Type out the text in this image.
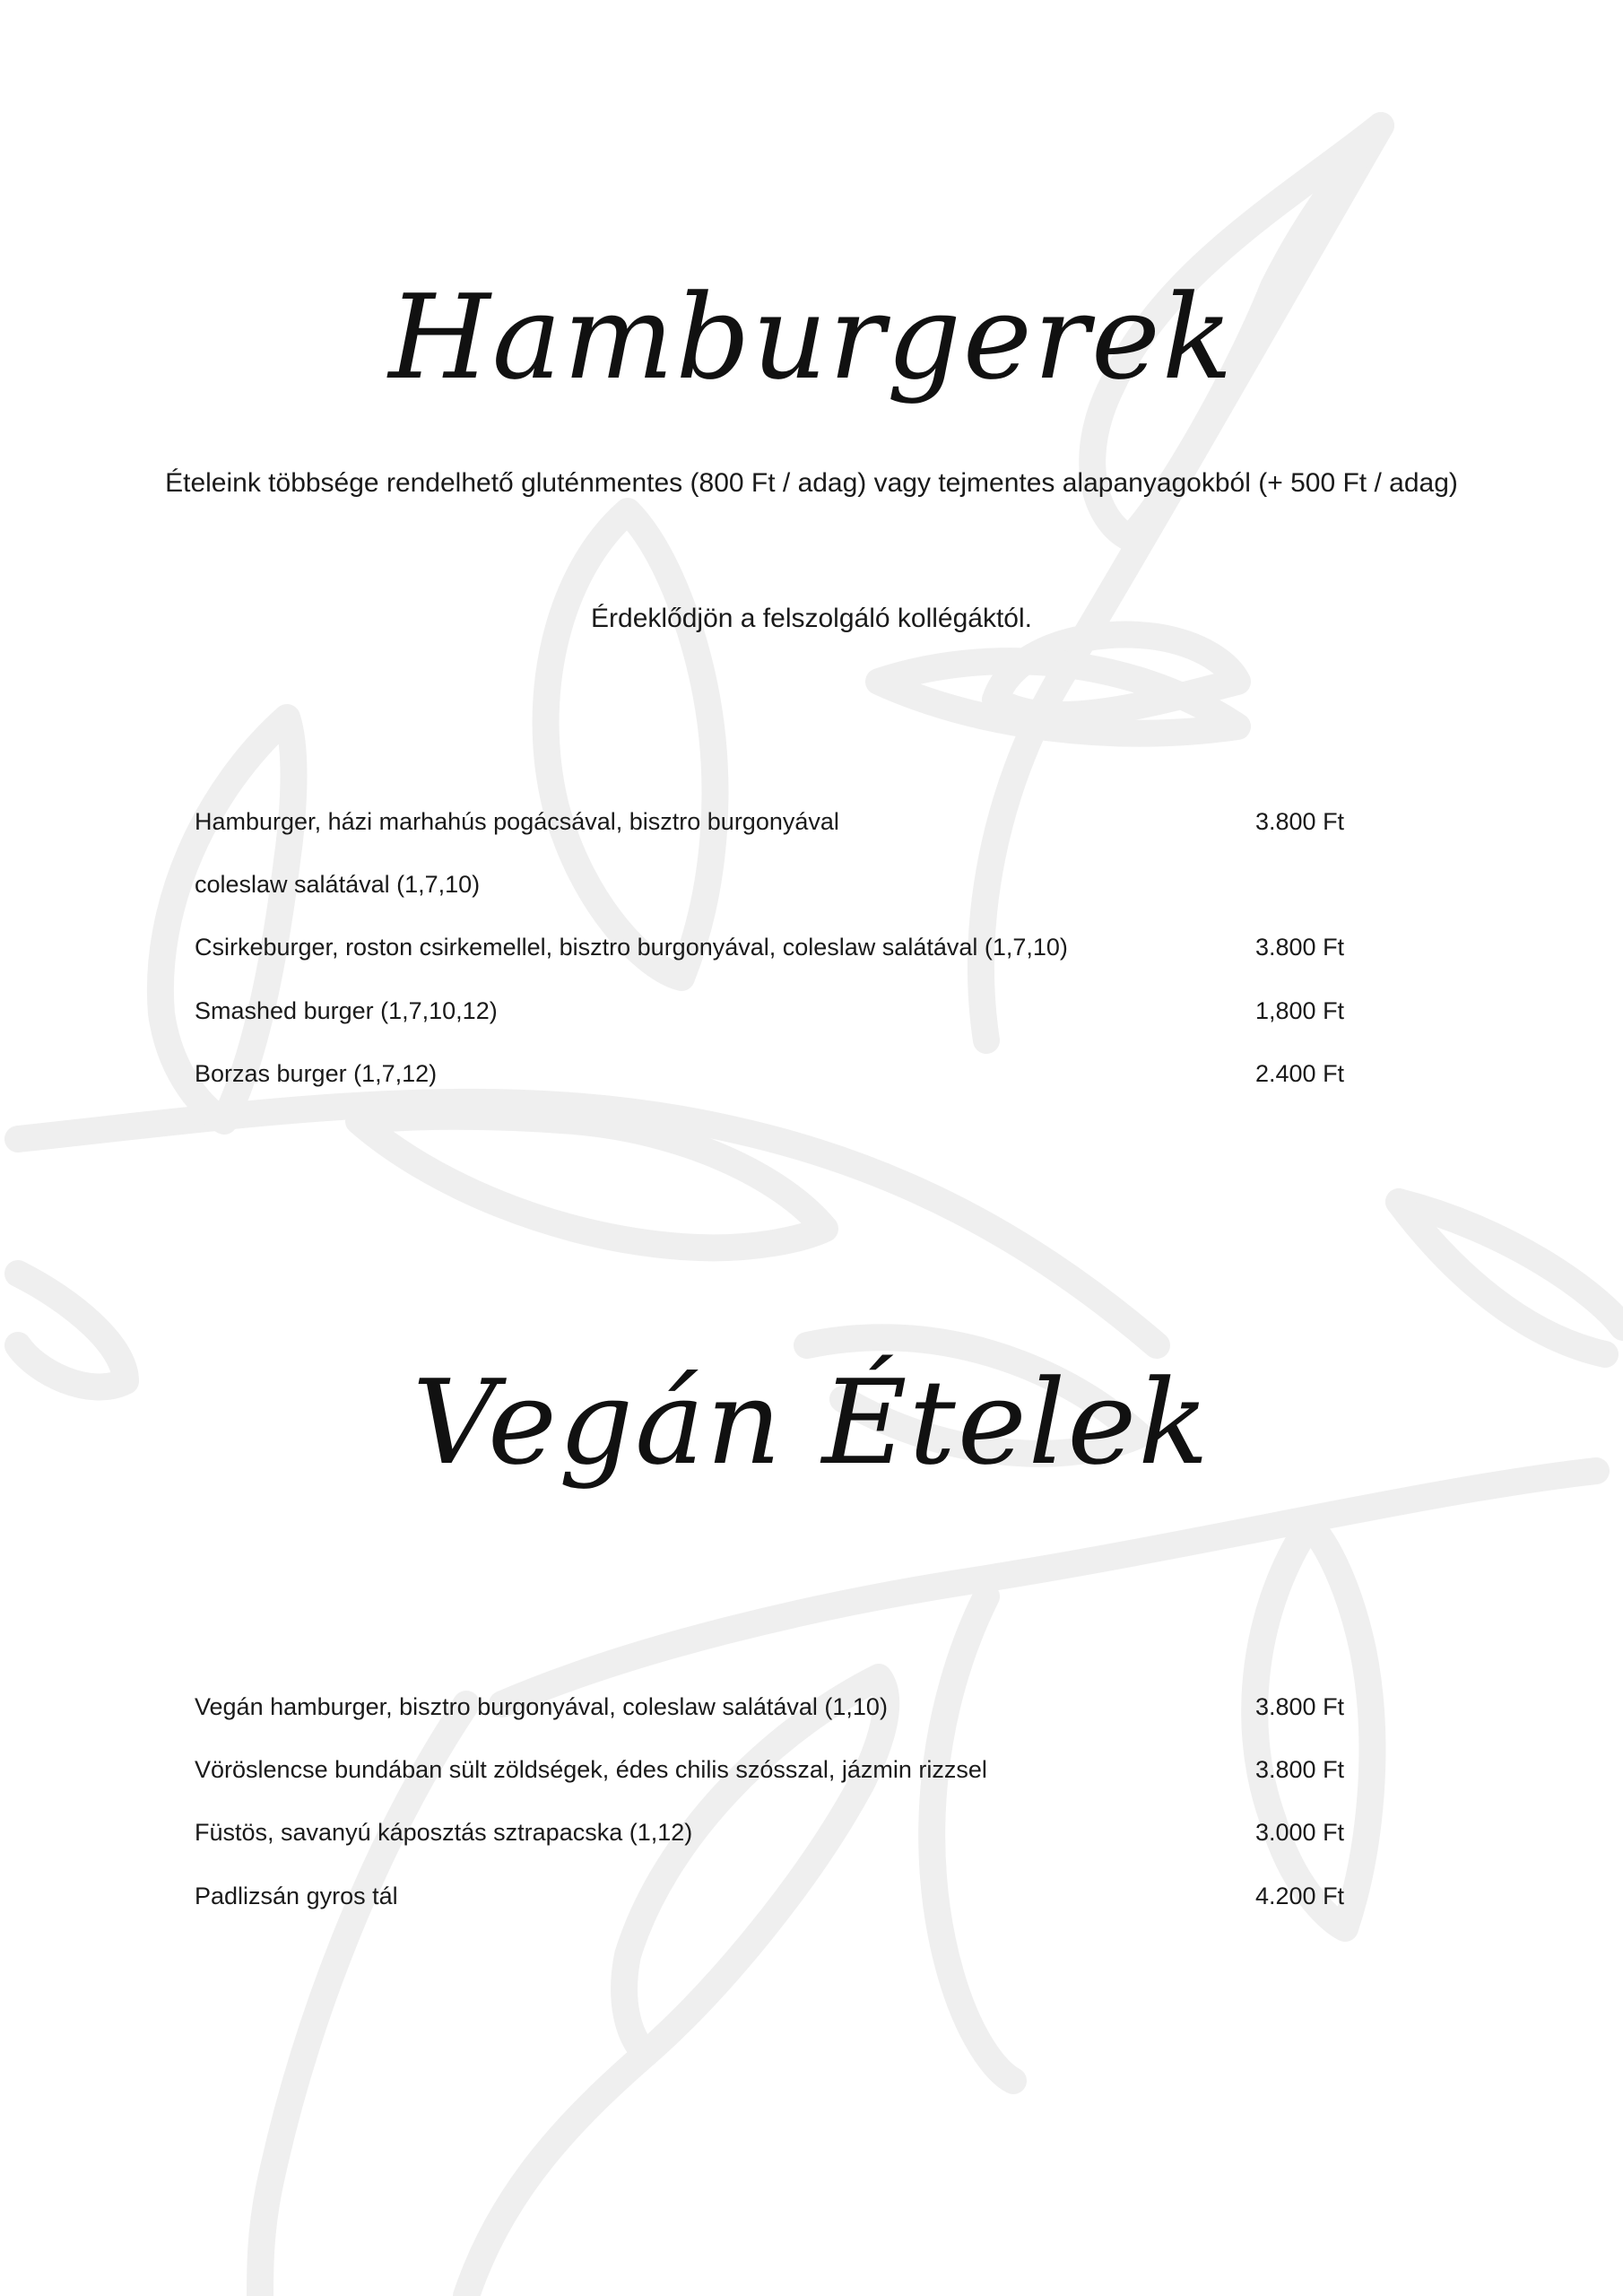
Hamburgerek
Ételeink többsége rendelhető gluténmentes (800 Ft / adag) vagy tejmentes alapanyagokból (+ 500 Ft / adag)
Érdeklődjön a felszolgáló kollégáktól.
Hamburger, házi marhahús pogácsával, bisztro burgonyával	3.800 Ft
coleslaw salátával (1,7,10)
Csirkeburger, roston csirkemellel, bisztro burgonyával, coleslaw salátával (1,7,10)	3.800 Ft
Smashed burger (1,7,10,12)	1,800 Ft
Borzas burger (1,7,12)	2.400 Ft
Vegán Ételek
Vegán hamburger, bisztro burgonyával, coleslaw salátával (1,10)	3.800 Ft
Vöröslencse bundában sült zöldségek, édes chilis szósszal, jázmin rizzsel	3.800 Ft
Füstös, savanyú káposztás sztrapacska (1,12)	3.000 Ft
Padlizsán gyros tál	4.200 Ft
